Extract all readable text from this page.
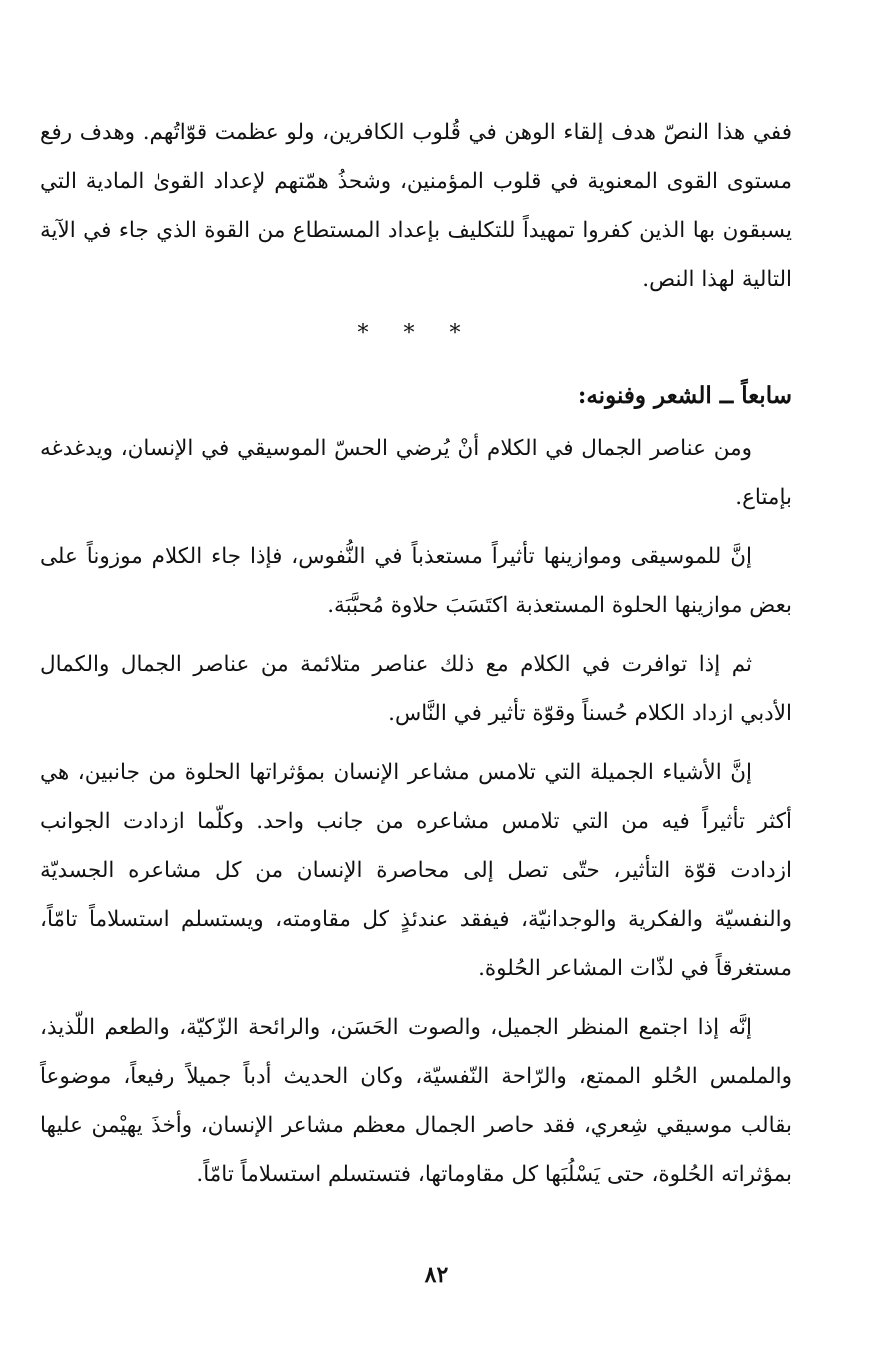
ففي هذا النصّ هدف إلقاء الوهن في قُلوب الكافرين، ولو عظمت قوّاتُهم. وهدف رفع مستوى القوى المعنوية في قلوب المؤمنين، وشحذُ همّتهم لإعداد القوىٰ المادية التي يسبقون بها الذين كفروا تمهيداً للتكليف بإعداد المستطاع من القوة الذي جاء في الآية التالية لهذا النص.

* * *
سابعاً ــ الشعر وفنونه:

ومن عناصر الجمال في الكلام أنْ يُرضي الحسّ الموسيقي في الإنسان، ويدغدغه بإمتاع.

إنَّ للموسيقى وموازينها تأثيراً مستعذباً في النُّفوس، فإذا جاء الكلام موزوناً على بعض موازينها الحلوة المستعذبة اكتَسَبَ حلاوة مُحبَّبَة.

ثم إذا توافرت في الكلام مع ذلك عناصر متلائمة من عناصر الجمال والكمال الأدبي ازداد الكلام حُسناً وقوّة تأثير في النَّاس.

إنَّ الأشياء الجميلة التي تلامس مشاعر الإنسان بمؤثراتها الحلوة من جانبين، هي أكثر تأثيراً فيه من التي تلامس مشاعره من جانب واحد. وكلّما ازدادت الجوانب ازدادت قوّة التأثير، حتّى تصل إلى محاصرة الإنسان من كل مشاعره الجسديّة والنفسيّة والفكرية والوجدانيّة، فيفقد عندئذٍ كل مقاومته، ويستسلم استسلاماً تامّاً، مستغرقاً في لذّات المشاعر الحُلوة.

إنَّه إذا اجتمع المنظر الجميل، والصوت الحَسَن، والرائحة الزّكيّة، والطعم اللّذيذ، والملمس الحُلو الممتع، والرّاحة النّفسيّة، وكان الحديث أدباً جميلاً رفيعاً، موضوعاً بقالب موسيقي شِعري، فقد حاصر الجمال معظم مشاعر الإنسان، وأخذَ يهيْمن عليها بمؤثراته الحُلوة، حتى يَسْلُبَها كل مقاوماتها، فتستسلم استسلاماً تامّاً.

٨٢
